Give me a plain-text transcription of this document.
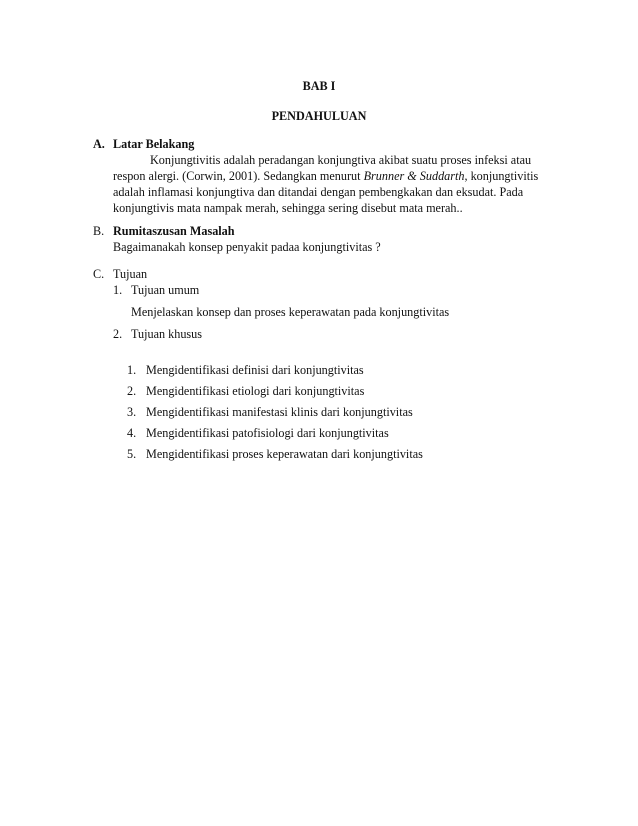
BAB I
PENDAHULUAN
A. Latar Belakang
Konjungtivitis adalah peradangan konjungtiva akibat suatu proses infeksi atau
respon alergi. (Corwin, 2001). Sedangkan menurut Brunner & Suddarth, konjungtivitis
adalah inflamasi konjungtiva dan ditandai dengan pembengkakan dan eksudat. Pada
konjungtivis mata nampak merah, sehingga sering disebut mata merah..
B. Rumitaszusan Masalah
Bagaimanakah konsep penyakit padaa konjungtivitas ?
C. Tujuan
1. Tujuan umum
Menjelaskan konsep dan proses keperawatan pada konjungtivitas
2. Tujuan khusus
1. Mengidentifikasi definisi dari konjungtivitas
2. Mengidentifikasi etiologi dari konjungtivitas
3. Mengidentifikasi manifestasi klinis dari konjungtivitas
4. Mengidentifikasi patofisiologi dari konjungtivitas
5. Mengidentifikasi proses keperawatan dari konjungtivitas
